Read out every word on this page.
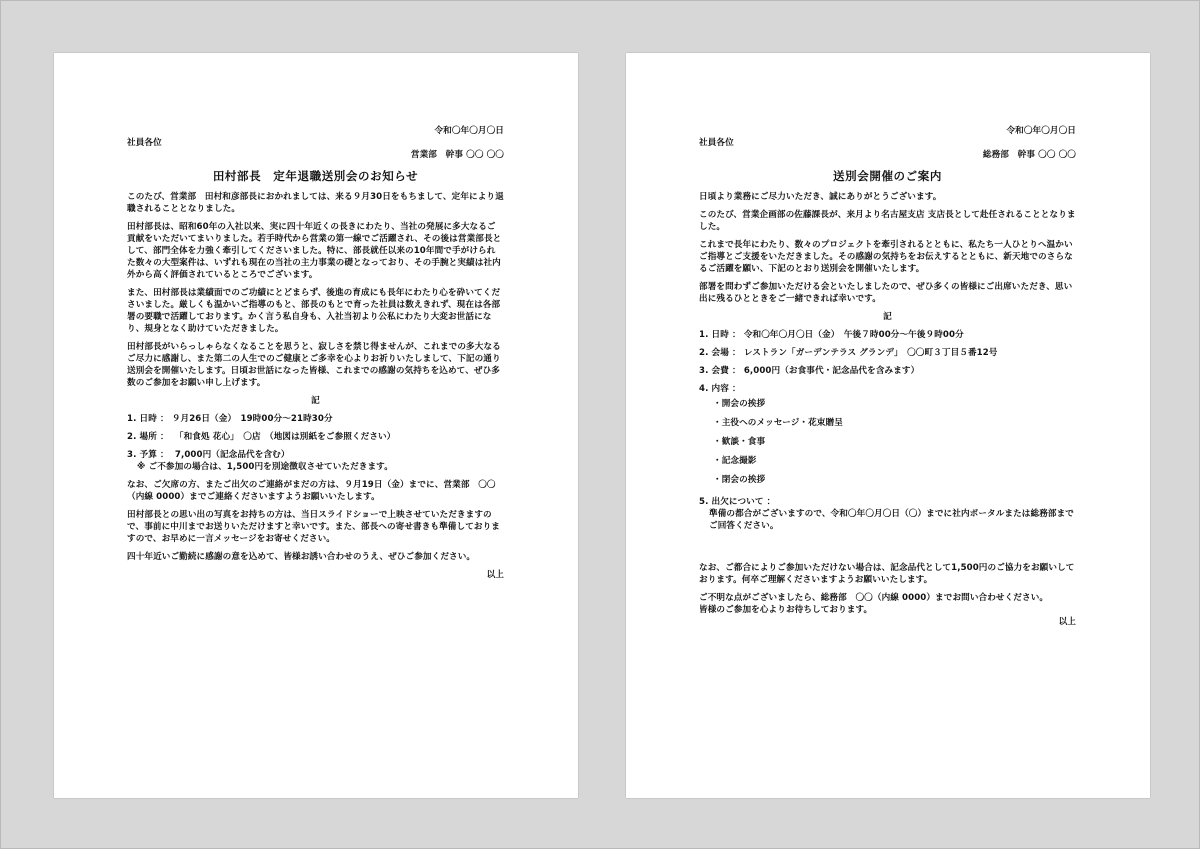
令和〇年〇月〇日
社員各位
営業部　幹事 〇〇 〇〇
田村部長　定年退職送別会のお知らせ
このたび、営業部　田村和彦部長におかれましては、来る９月30日をもちまして、定年により退職されることとなりました。
田村部長は、昭和60年の入社以来、実に四十年近くの長きにわたり、当社の発展に多大なるご貢献をいただいてまいりました。若手時代から営業の第一線でご活躍され、その後は営業部長として、部門全体を力強く牽引してくださいました。特に、部長就任以来の10年間で手がけられた数々の大型案件は、いずれも現在の当社の主力事業の礎となっており、その手腕と実績は社内外から高く評価されているところでございます。
また、田村部長は業績面でのご功績にとどまらず、後進の育成にも長年にわたり心を砕いてくださいました。厳しくも温かいご指導のもと、部長のもとで育った社員は数えきれず、現在は各部署の要職で活躍しております。かく言う私自身も、入社当初より公私にわたり大変お世話になり、規身となく助けていただきました。
田村部長がいらっしゃらなくなることを思うと、寂しさを禁じ得ませんが、これまでの多大なるご尽力に感謝し、また第二の人生でのご健康とご多幸を心よりお祈りいたしまして、下記の通り送別会を開催いたします。日頃お世話になった皆様、これまでの感謝の気持ちを込めて、ぜひ多数のご参加をお願い申し上げます。
記
1. 日時 ：
９月26日（金）　19時00分～21時30分
2. 場所 ：
「和食処 花心」　〇店　（地図は別紙をご参照ください）
3. 予算 ：
7,000円（記念品代を含む）
※ ご不参加の場合は、1,500円を別途徴収させていただきます。
なお、ご欠席の方、またご出欠のご連絡がまだの方は、９月19日（金）までに、営業部　〇〇（内線 0000）までご連絡くださいますようお願いいたします。
田村部長との思い出の写真をお持ちの方は、当日スライドショーで上映させていただきますので、事前に中川までお送りいただけますと幸いです。また、部長への寄せ書きも準備しておりますので、お早めに一言メッセージをお寄せください。
四十年近いご勤続に感謝の意を込めて、皆様お誘い合わせのうえ、ぜひご参加ください。
以上
令和〇年〇月〇日
社員各位
総務部　幹事 〇〇 〇〇
送別会開催のご案内
日頃より業務にご尽力いただき、誠にありがとうございます。
このたび、営業企画部の佐藤課長が、来月より名古屋支店 支店長として赴任されることとなりました。
これまで長年にわたり、数々のプロジェクトを牽引されるとともに、私たち一人ひとりへ温かいご指導とご支援をいただきました。その感謝の気持ちをお伝えするとともに、新天地でのさらなるご活躍を願い、下記のとおり送別会を開催いたします。
部署を問わずご参加いただける会といたしましたので、ぜひ多くの皆様にご出席いただき、思い出に残るひとときをご一緒できれば幸いです。
記
1. 日時 ：
令和〇年〇月〇日（金）　午後７時00分～午後９時00分
2. 会場 ：
レストラン「ガーデンテラス グランデ」　〇〇町３丁目５番12号
3. 会費 ：
6,000円（お食事代・記念品代を含みます）
4. 内容 ：
・開会の挨拶
・主役へのメッセージ・花束贈呈
・歓談・食事
・記念撮影
・閉会の挨拶
5. 出欠について ：
準備の都合がございますので、令和〇年〇月〇日（〇）までに社内ポータルまたは総務部までご回答ください。
なお、ご都合によりご参加いただけない場合は、記念品代として1,500円のご協力をお願いしております。何卒ご理解くださいますようお願いいたします。
ご不明な点がございましたら、総務部　〇〇（内線 0000）までお問い合わせください。
皆様のご参加を心よりお待ちしております。
以上
